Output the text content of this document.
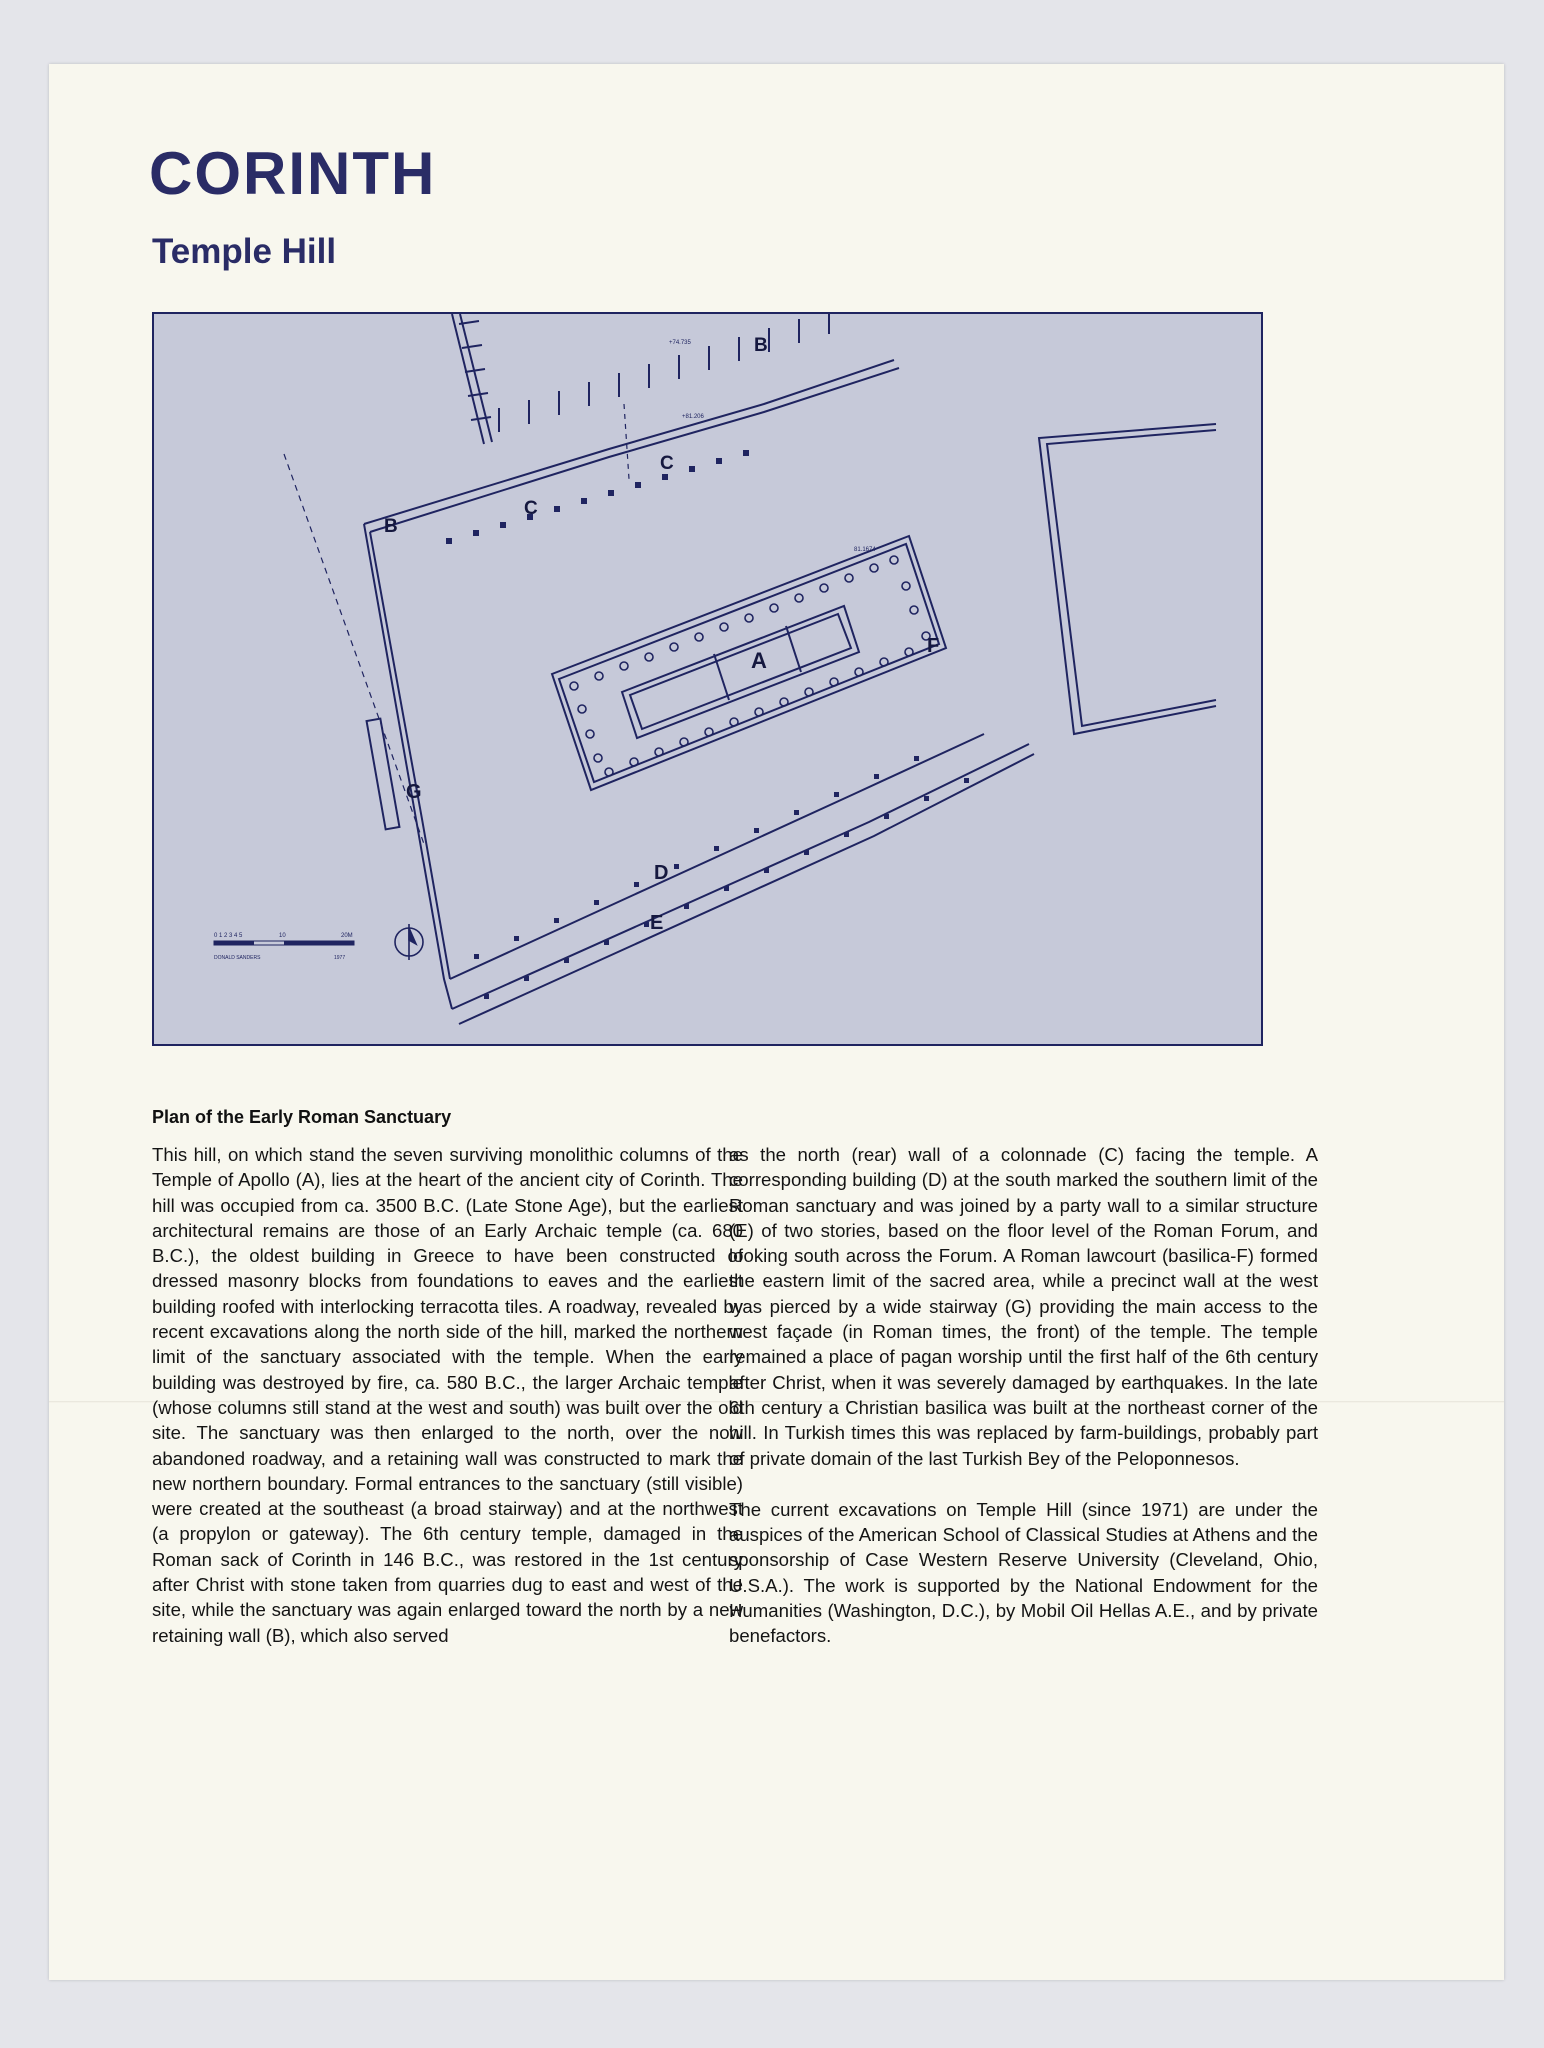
CORINTH
Temple Hill
A
B
B
C
C
D
E
F
G
+74.735
+81.206
81.1674
0 1 2 3 4 5	10	20M
DONALD SANDERS	1977

Plan of the Early Roman Sanctuary

This hill, on which stand the seven surviving monolithic columns of the Temple of Apollo (A), lies at the heart of the ancient city of Corinth. The hill was occupied from ca. 3500 B.C. (Late Stone Age), but the earliest architectural remains are those of an Early Archaic temple (ca. 680 B.C.), the oldest building in Greece to have been constructed of dressed masonry blocks from foundations to eaves and the earliest building roofed with interlocking terracotta tiles. A roadway, revealed by recent excavations along the north side of the hill, marked the northern limit of the sanctuary associated with the temple. When the early building was destroyed by fire, ca. 580 B.C., the larger Archaic temple (whose columns still stand at the west and south) was built over the old site. The sanctuary was then enlarged to the north, over the now abandoned roadway, and a retaining wall was constructed to mark the new northern boundary. Formal entrances to the sanctuary (still visible) were created at the southeast (a broad stairway) and at the northwest (a propylon or gateway). The 6th century temple, damaged in the Roman sack of Corinth in 146 B.C., was restored in the 1st century after Christ with stone taken from quarries dug to east and west of the site, while the sanctuary was again enlarged toward the north by a new retaining wall (B), which also served

as the north (rear) wall of a colonnade (C) facing the temple. A corresponding building (D) at the south marked the southern limit of the Roman sanctuary and was joined by a party wall to a similar structure (E) of two stories, based on the floor level of the Roman Forum, and looking south across the Forum. A Roman lawcourt (basilica-F) formed the eastern limit of the sacred area, while a precinct wall at the west was pierced by a wide stairway (G) providing the main access to the west façade (in Roman times, the front) of the temple. The temple remained a place of pagan worship until the first half of the 6th century after Christ, when it was severely damaged by earthquakes. In the late 6th century a Christian basilica was built at the northeast corner of the hill. In Turkish times this was replaced by farm-buildings, probably part of private domain of the last Turkish Bey of the Peloponnesos.

The current excavations on Temple Hill (since 1971) are under the auspices of the American School of Classical Studies at Athens and the sponsorship of Case Western Reserve University (Cleveland, Ohio, U.S.A.). The work is supported by the National Endowment for the Humanities (Washington, D.C.), by Mobil Oil Hellas A.E., and by private benefactors.
